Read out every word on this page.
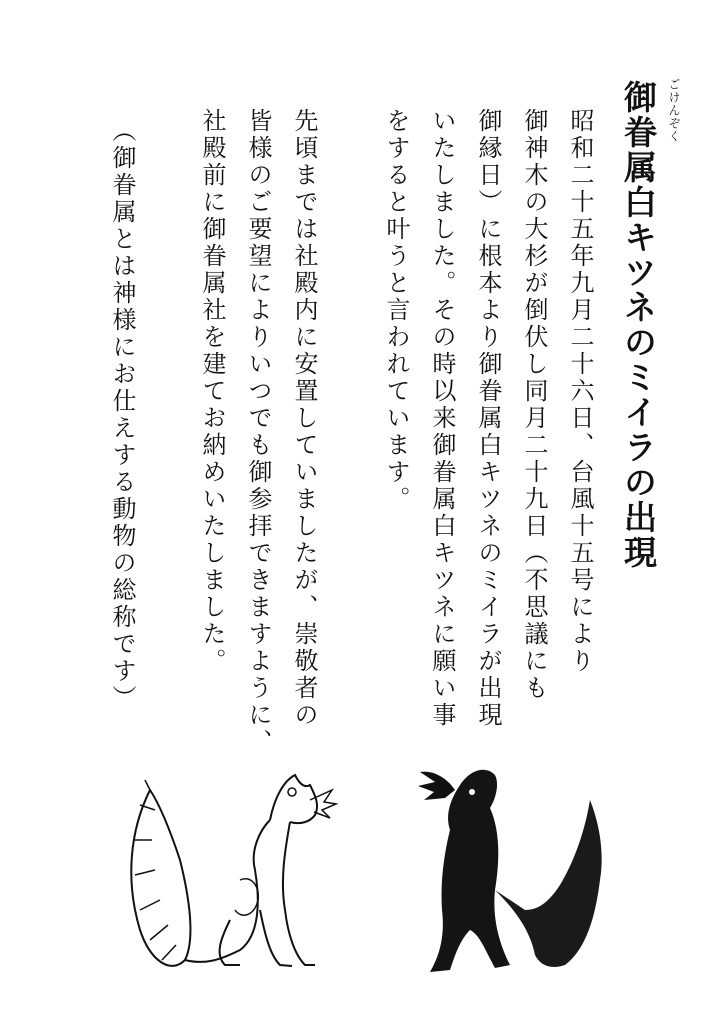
ごけんぞく
御眷属白キツネのミイラの出現
昭和二十五年九月二十六日、台風十五号により
御神木の大杉が倒伏し同月二十九日（不思議にも
御縁日）に根本より御眷属白キツネのミイラが出現
いたしました。その時以来御眷属白キツネに願い事
をすると叶うと言われています。
先頃までは社殿内に安置していましたが、崇敬者の
皆様のご要望によりいつでも御参拝できますように、
社殿前に御眷属社を建てお納めいたしました。
（御眷属とは神様にお仕えする動物の総称です）
